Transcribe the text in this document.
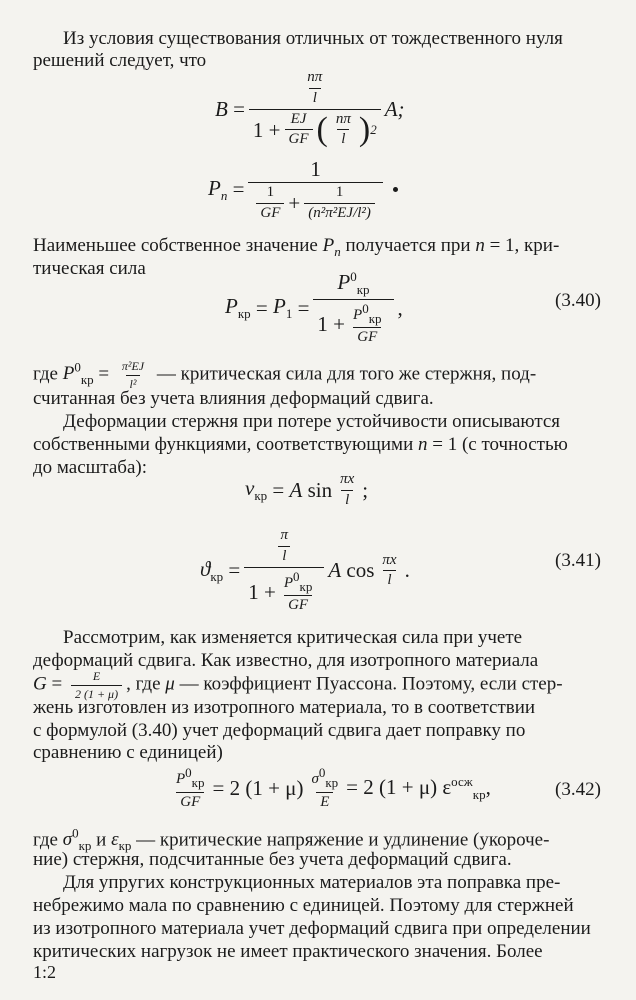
Из условия существования отличных от тождественного нуля
решений следует, что
$B = \frac{\frac{n\pi}{l}}{1 + \frac{EJ}{GF} ( \frac{n\pi}{l} ) 2} A$;
$P_n = \frac{1}{\frac{1}{GF} + \frac{1}{\text{(n²π²EJ/l²)}}}$
Наименьшее собственное значение $P_n$ получается при n = 1, кри-
тическая сила
$P_{кр} = P_1 = \frac{P^0_{кр}}{1 + \frac{P^0_{кр}}{GF}}$ ,	(3.40)
где $P^0_{кр} = \frac{\text{π²EJ}}{\text{l²}}$ — критическая сила для того же стержня, под-
считанная без учета влияния деформаций сдвига.
Деформации стержня при потере устойчивости описываются
собственными функциями, соответствующими n = 1 (с точностью
до масштаба):
$v_{кр} = A$ $\sin \frac{\pi x}{l}$ ;
$ϑ_{кр} = \frac{\frac{\pi}{l}}{1 + \frac{P^0_{кр}}{GF}}$ A $\cos \frac{\pi x}{l}$ .	(3.41)
Рассмотрим, как изменяется критическая сила при учете
деформаций сдвига. Как известно, для изотропного материала
$G = \frac{E}{2 (1 + \mu)}$ , где μ — коэффициент Пуассона. Поэтому, если стер-
жень изготовлен из изотропного материала, то в соответствии
с формулой (3.40) учет деформаций сдвига дает поправку по
сравнению с единицей)
$\frac{P^0_{кр}}{GF} = 2$ $(1 + \mu) \frac{\sigma^0_{кр}}{E} = 2$ (1 + μ) $\varepsilon^{осж}_{кр}$,	(3.42)
где $\sigma^0_{кр}$ и $\varepsilon_{кр}$ — критические напряжение и удлинение (укороче-
ние) стержня, подсчитанные без учета деформаций сдвига.
Для упругих конструкционных материалов эта поправка пре-
небрежимо мала по сравнению с единицей. Поэтому для стержней
из изотропного материала учет деформаций сдвига при определении
критических нагрузок не имеет практического значения. Более
1:2
